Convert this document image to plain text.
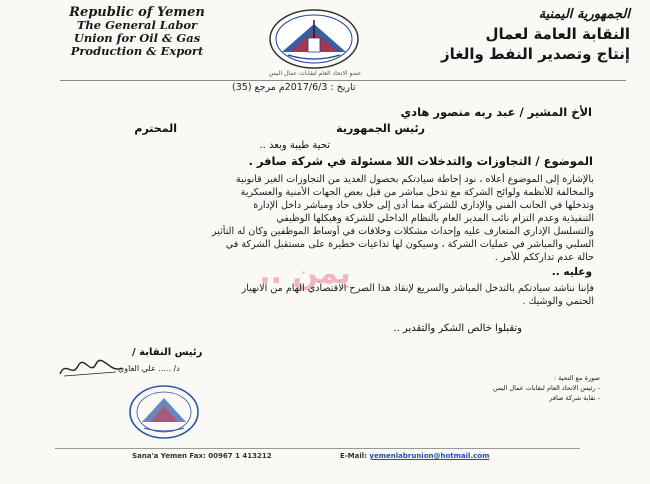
Republic of Yemen
The General Labor
Union for Oil & Gas
Production & Export
عضو الاتحاد العام لنقابات عمال اليمن
الجمهورية اليمنية
النقابة العامة لعمال
إنتاج وتصدير النفط والغاز
تاريخ : 2017/6/3م مرجع (35)
الأخ المشير / عبد ربه منصور هادي
رئيس الجمهورية
المحترم
تحية طيبة وبعد ..
الموضوع / التجاوزات والتدخلات اللا مسئولة في شركة صافر .
بالإشارة إلى الموضوع أعلاه ، نود إحاطة سيادتكم بحصول العديد من التجاوزات الغير قانونية
والمخالفة للأنظمة ولوائح الشركة مع تدخل مباشر من قبل بعض الجهات الأمنية والعسكرية
وتدخلها في الجانب الفني والإداري للشركة مما أدى إلى خلاف حاد ومباشر داخل الإدارة
التنفيذية وعدم التزام نائب المدير العام بالنظام الداخلي للشركة وهيكلها الوظيفي
والتسلسل الإداري المتعارف عليه وإحداث مشكلات وخلافات في أوساط الموظفين وكان له التأثير
السلبي والمباشر في عمليات الشركة ، وسيكون لها تداعيات خطيرة على مستقبل الشركة في
حالة عدم تدارككم للأمر .
يمن ..	وعليه ..
فإننا نناشد سيادتكم بالتدخل المباشر والسريع لإنقاذ هذا الصرح الاقتصادي الهام من الانهيار
الحتمي والوشيك .
وتقبلوا خالص الشكر والتقدير ..
رئيس النقابة /
د/ ..... علي الغاوي
صورة مع التحية :
- رئيس الاتحاد العام لنقابات عمال اليمن
- نقابة شركة صافر
Sana'a Yemen Fax: 00967 1 413212	E-Mail: yemenlabrunion@hotmail.com
